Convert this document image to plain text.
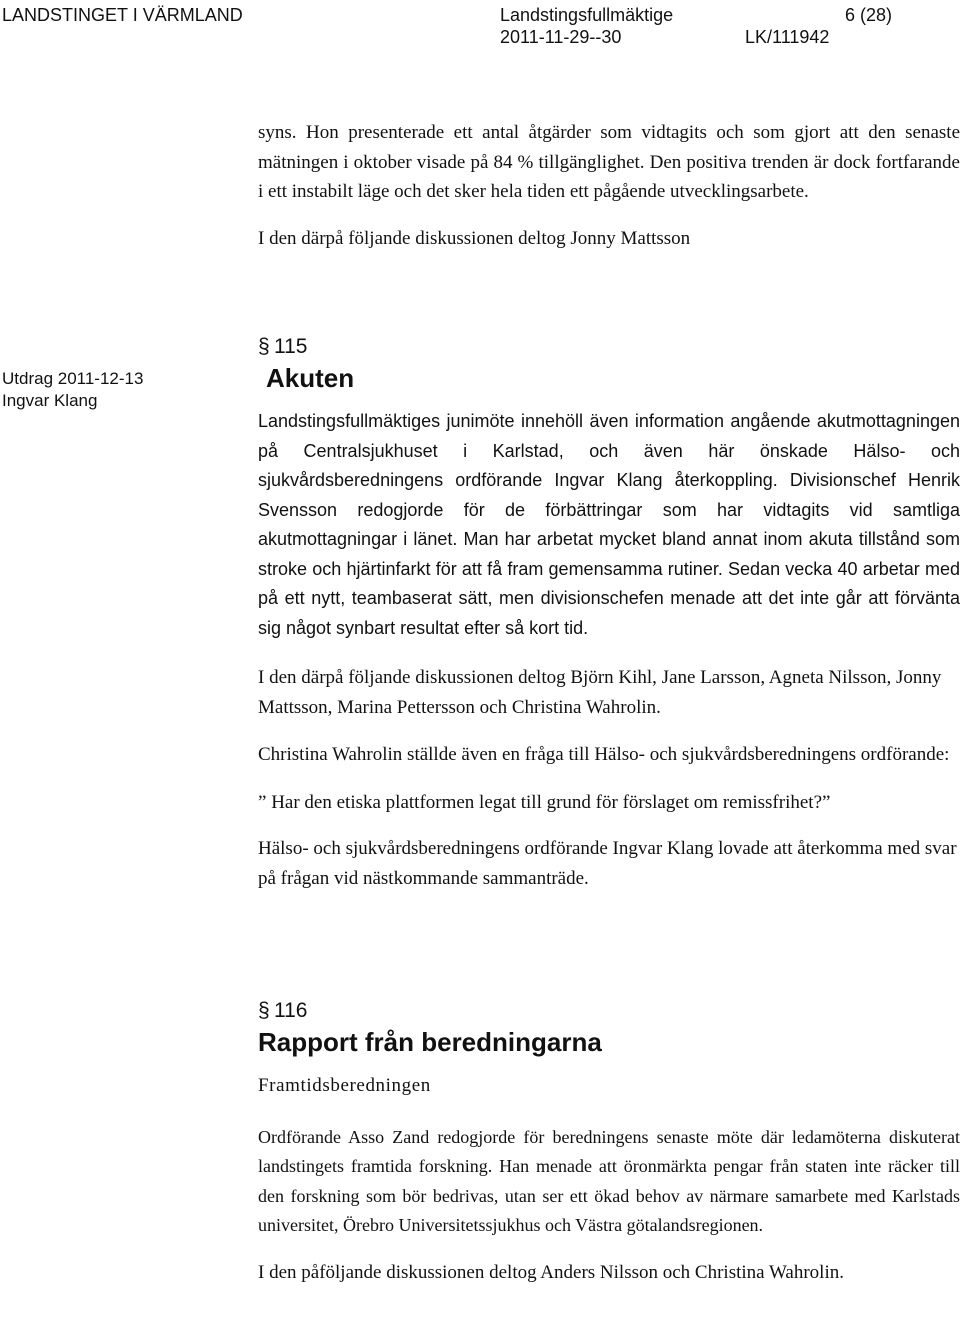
LANDSTINGET I VÄRMLAND	Landstingsfullmäktige
2011-11-29--30
6 (28)
LK/111942

syns. Hon presenterade ett antal åtgärder som vidtagits och som gjort att den senaste mätningen i oktober visade på 84 % tillgänglighet. Den positiva trenden är dock fortfarande i ett instabilt läge och det sker hela tiden ett pågående utvecklingsarbete.

I den därpå följande diskussionen deltog Jonny Mattsson

Utdrag 2011-12-13
Ingvar Klang
§ 115
Akuten

Landstingsfullmäktiges junimöte innehöll även information angående akutmottagningen på Centralsjukhuset i Karlstad, och även här önskade Hälso- och sjukvårdsberedningens ordförande Ingvar Klang återkoppling. Divisionschef Henrik Svensson redogjorde för de förbättringar som har vidtagits vid samtliga akutmottagningar i länet. Man har arbetat mycket bland annat inom akuta tillstånd som stroke och hjärtinfarkt för att få fram gemensamma rutiner. Sedan vecka 40 arbetar med på ett nytt, teambaserat sätt, men divisionschefen menade att det inte går att förvänta sig något synbart resultat efter så kort tid.

I den därpå följande diskussionen deltog Björn Kihl, Jane Larsson, Agneta Nilsson, Jonny Mattsson, Marina Pettersson och Christina Wahrolin.

Christina Wahrolin ställde även en fråga till Hälso- och sjukvårdsberedningens ordförande:

” Har den etiska plattformen legat till grund för förslaget om remissfrihet?”

Hälso- och sjukvårdsberedningens ordförande Ingvar Klang lovade att återkomma med svar på frågan vid nästkommande sammanträde.

§ 116
Rapport från beredningarna
Framtidsberedningen

Ordförande Asso Zand redogjorde för beredningens senaste möte där ledamöterna diskuterat landstingets framtida forskning. Han menade att öronmärkta pengar från staten inte räcker till den forskning som bör bedrivas, utan ser ett ökad behov av närmare samarbete med Karlstads universitet, Örebro Universitetssjukhus och Västra götalandsregionen.

I den påföljande diskussionen deltog Anders Nilsson och Christina Wahrolin.
